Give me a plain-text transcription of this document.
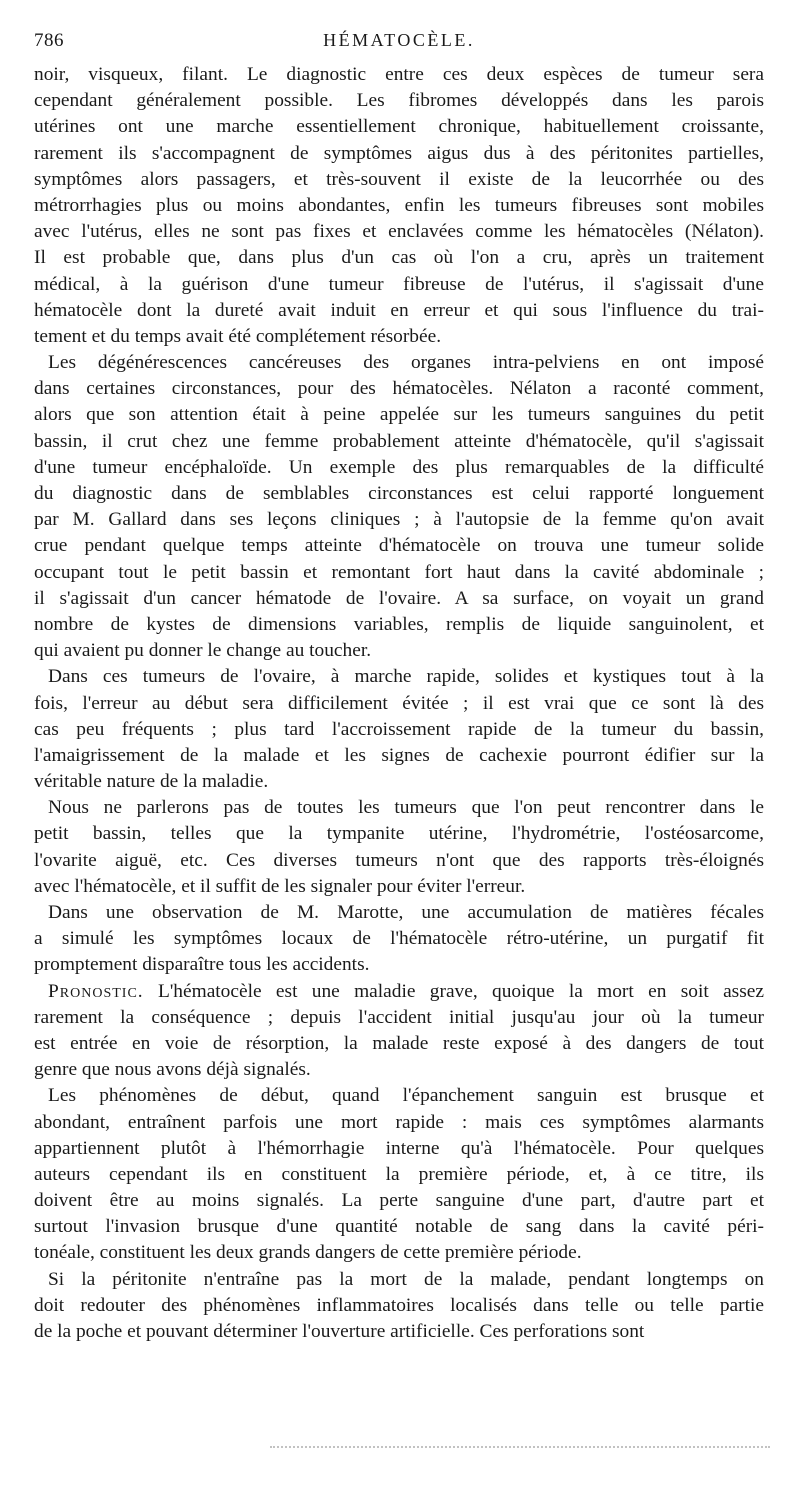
786	HÉMATOCÈLE.
noir, visqueux, filant. Le diagnostic entre ces deux espèces de tumeur sera
cependant généralement possible. Les fibromes développés dans les parois
utérines ont une marche essentiellement chronique, habituellement croissante,
rarement ils s'accompagnent de symptômes aigus dus à des péritonites partielles,
symptômes alors passagers, et très-souvent il existe de la leucorrhée ou des
métrorrhagies plus ou moins abondantes, enfin les tumeurs fibreuses sont mobiles
avec l'utérus, elles ne sont pas fixes et enclavées comme les hématocèles (Nélaton).
Il est probable que, dans plus d'un cas où l'on a cru, après un traitement
médical, à la guérison d'une tumeur fibreuse de l'utérus, il s'agissait d'une
hématocèle dont la dureté avait induit en erreur et qui sous l'influence du trai-
tement et du temps avait été complétement résorbée.
Les dégénérescences cancéreuses des organes intra-pelviens en ont imposé
dans certaines circonstances, pour des hématocèles. Nélaton a raconté comment,
alors que son attention était à peine appelée sur les tumeurs sanguines du petit
bassin, il crut chez une femme probablement atteinte d'hématocèle, qu'il s'agissait
d'une tumeur encéphaloïde. Un exemple des plus remarquables de la difficulté
du diagnostic dans de semblables circonstances est celui rapporté longuement
par M. Gallard dans ses leçons cliniques ; à l'autopsie de la femme qu'on avait
crue pendant quelque temps atteinte d'hématocèle on trouva une tumeur solide
occupant tout le petit bassin et remontant fort haut dans la cavité abdominale ;
il s'agissait d'un cancer hématode de l'ovaire. A sa surface, on voyait un grand
nombre de kystes de dimensions variables, remplis de liquide sanguinolent, et
qui avaient pu donner le change au toucher.
Dans ces tumeurs de l'ovaire, à marche rapide, solides et kystiques tout à la
fois, l'erreur au début sera difficilement évitée ; il est vrai que ce sont là des
cas peu fréquents ; plus tard l'accroissement rapide de la tumeur du bassin,
l'amaigrissement de la malade et les signes de cachexie pourront édifier sur la
véritable nature de la maladie.
Nous ne parlerons pas de toutes les tumeurs que l'on peut rencontrer dans le
petit bassin, telles que la tympanite utérine, l'hydrométrie, l'ostéosarcome,
l'ovarite aiguë, etc. Ces diverses tumeurs n'ont que des rapports très-éloignés
avec l'hématocèle, et il suffit de les signaler pour éviter l'erreur.
Dans une observation de M. Marotte, une accumulation de matières fécales
a simulé les symptômes locaux de l'hématocèle rétro-utérine, un purgatif fit
promptement disparaître tous les accidents.
Pronostic. L'hématocèle est une maladie grave, quoique la mort en soit assez
rarement la conséquence ; depuis l'accident initial jusqu'au jour où la tumeur
est entrée en voie de résorption, la malade reste exposé à des dangers de tout
genre que nous avons déjà signalés.
Les phénomènes de début, quand l'épanchement sanguin est brusque et
abondant, entraînent parfois une mort rapide : mais ces symptômes alarmants
appartiennent plutôt à l'hémorrhagie interne qu'à l'hématocèle. Pour quelques
auteurs cependant ils en constituent la première période, et, à ce titre, ils
doivent être au moins signalés. La perte sanguine d'une part, d'autre part et
surtout l'invasion brusque d'une quantité notable de sang dans la cavité péri-
tonéale, constituent les deux grands dangers de cette première période.
Si la péritonite n'entraîne pas la mort de la malade, pendant longtemps on
doit redouter des phénomènes inflammatoires localisés dans telle ou telle partie
de la poche et pouvant déterminer l'ouverture artificielle. Ces perforations sont
